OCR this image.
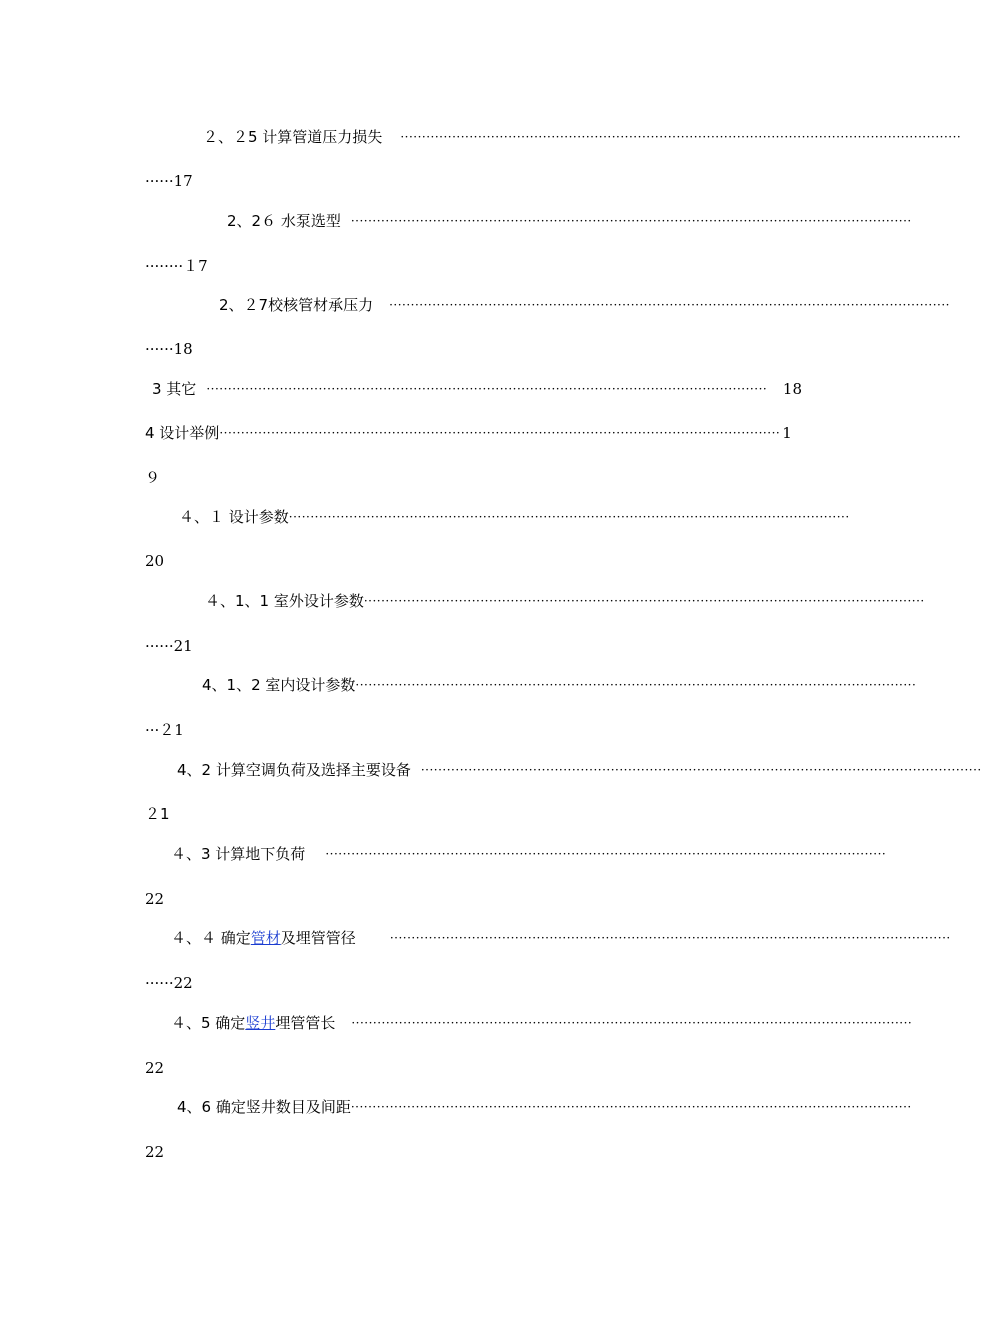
２、２5 计算管道压力损失 ··································································································································
······17
2、2６ 水泵选型 ··································································································································
········１7
2、２7校核管材承压力 ··································································································································
······18
3 其它 ··································································································································	18
4 设计举例 ·································································································································· 1
９
４、１ 设计参数 ··································································································································
20
４、1、1 室外设计参数 ··································································································································
······21
4、1、2 室内设计参数 ··································································································································
···２1
4、2 计算空调负荷及选择主要设备 ··································································································································
２1
４、3 计算地下负荷 ··································································································································
22
４、４ 确定管材及埋管管径	··································································································································
······22
４、5 确定竖井埋管管长 ··································································································································
22
4、6 确定竖井数目及间距 ··································································································································
22
